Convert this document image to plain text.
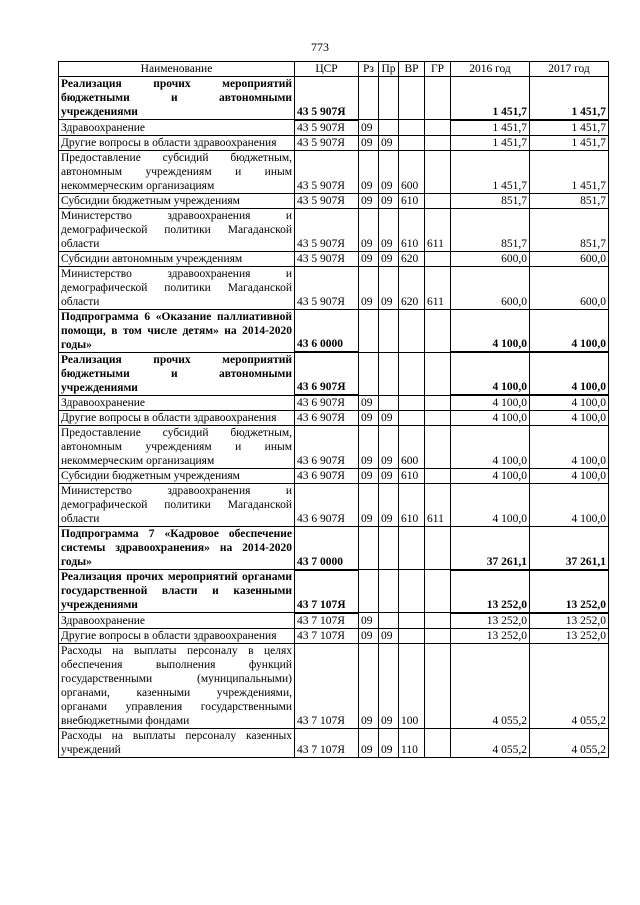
773
Наименование	ЦСР	Рз	Пр	ВР	ГР	2016 год	2017 год
Реализация прочих мероприятий бюджетными и автономными учреждениями	43 5 907Я					1 451,7	1 451,7
Здравоохранение	43 5 907Я	09				1 451,7	1 451,7
Другие вопросы в области здравоохранения	43 5 907Я	09	09			1 451,7	1 451,7
Предоставление субсидий бюджетным, автономным учреждениям и иным некоммерческим организациям	43 5 907Я	09	09	600		1 451,7	1 451,7
Субсидии бюджетным учреждениям	43 5 907Я	09	09	610		851,7	851,7
Министерство здравоохранения и демографической политики Магаданской области	43 5 907Я	09	09	610	611	851,7	851,7
Субсидии автономным учреждениям	43 5 907Я	09	09	620		600,0	600,0
Министерство здравоохранения и демографической политики Магаданской области	43 5 907Я	09	09	620	611	600,0	600,0
Подпрограмма 6 «Оказание паллиативной помощи, в том числе детям» на 2014-2020 годы»	43 6 0000					4 100,0	4 100,0
Реализация прочих мероприятий бюджетными и автономными учреждениями	43 6 907Я					4 100,0	4 100,0
Здравоохранение	43 6 907Я	09				4 100,0	4 100,0
Другие вопросы в области здравоохранения	43 6 907Я	09	09			4 100,0	4 100,0
Предоставление субсидий бюджетным, автономным учреждениям и иным некоммерческим организациям	43 6 907Я	09	09	600		4 100,0	4 100,0
Субсидии бюджетным учреждениям	43 6 907Я	09	09	610		4 100,0	4 100,0
Министерство здравоохранения и демографической политики Магаданской области	43 6 907Я	09	09	610	611	4 100,0	4 100,0
Подпрограмма 7 «Кадровое обеспечение системы здравоохранения» на 2014-2020 годы»	43 7 0000					37 261,1	37 261,1
Реализация прочих мероприятий органами государственной власти и казенными учреждениями	43 7 107Я					13 252,0	13 252,0
Здравоохранение	43 7 107Я	09				13 252,0	13 252,0
Другие вопросы в области здравоохранения	43 7 107Я	09	09			13 252,0	13 252,0
Расходы на выплаты персоналу в целях обеспечения выполнения функций государственными (муниципальными) органами, казенными учреждениями, органами управления государственными внебюджетными фондами	43 7 107Я	09	09	100		4 055,2	4 055,2
Расходы на выплаты персоналу казенных учреждений	43 7 107Я	09	09	110		4 055,2	4 055,2
